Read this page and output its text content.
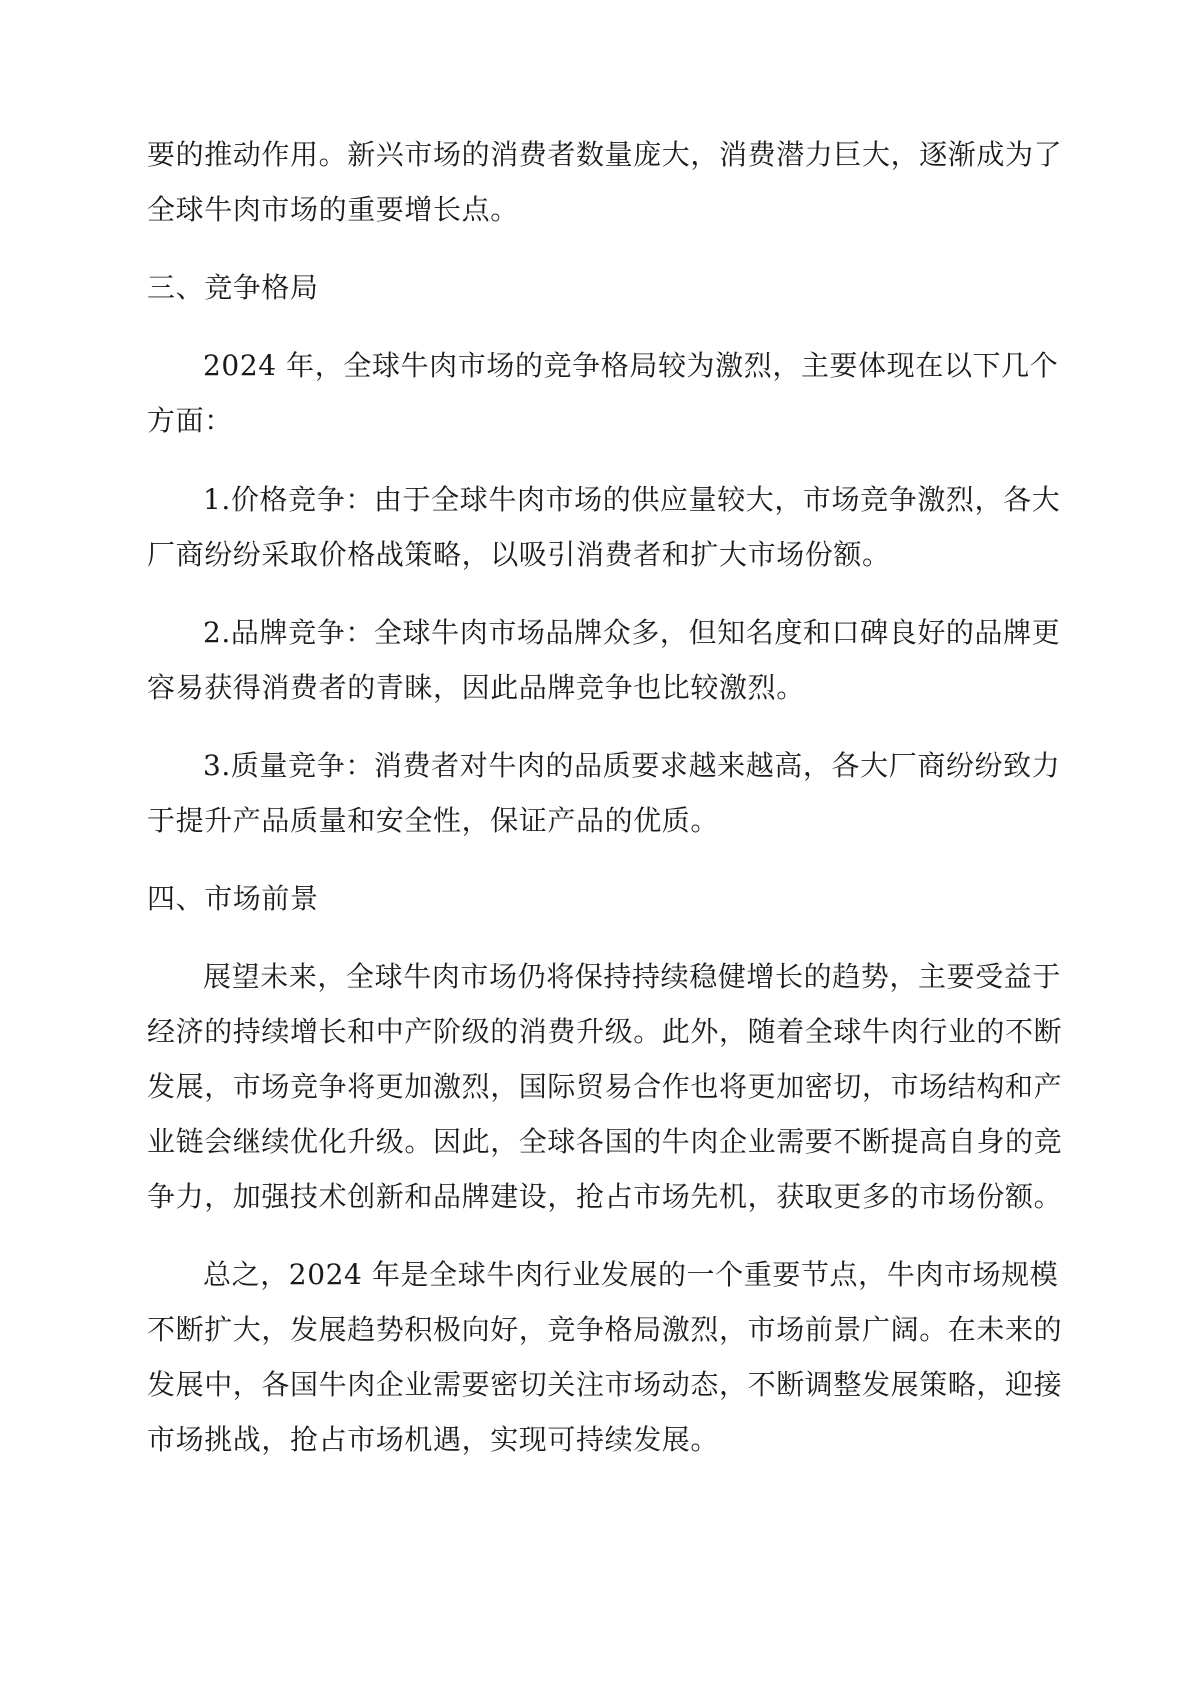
要的推动作用。新兴市场的消费者数量庞大，消费潜力巨大，逐渐成为了
全球牛肉市场的重要增长点。
三、竞争格局
2024 年，全球牛肉市场的竞争格局较为激烈，主要体现在以下几个
方面：
1.价格竞争：由于全球牛肉市场的供应量较大，市场竞争激烈，各大
厂商纷纷采取价格战策略，以吸引消费者和扩大市场份额。
2.品牌竞争：全球牛肉市场品牌众多，但知名度和口碑良好的品牌更
容易获得消费者的青睐，因此品牌竞争也比较激烈。
3.质量竞争：消费者对牛肉的品质要求越来越高，各大厂商纷纷致力
于提升产品质量和安全性，保证产品的优质。
四、市场前景
展望未来，全球牛肉市场仍将保持持续稳健增长的趋势，主要受益于
经济的持续增长和中产阶级的消费升级。此外，随着全球牛肉行业的不断
发展，市场竞争将更加激烈，国际贸易合作也将更加密切，市场结构和产
业链会继续优化升级。因此，全球各国的牛肉企业需要不断提高自身的竞
争力，加强技术创新和品牌建设，抢占市场先机，获取更多的市场份额。
总之，2024 年是全球牛肉行业发展的一个重要节点，牛肉市场规模
不断扩大，发展趋势积极向好，竞争格局激烈，市场前景广阔。在未来的
发展中，各国牛肉企业需要密切关注市场动态，不断调整发展策略，迎接
市场挑战，抢占市场机遇，实现可持续发展。
